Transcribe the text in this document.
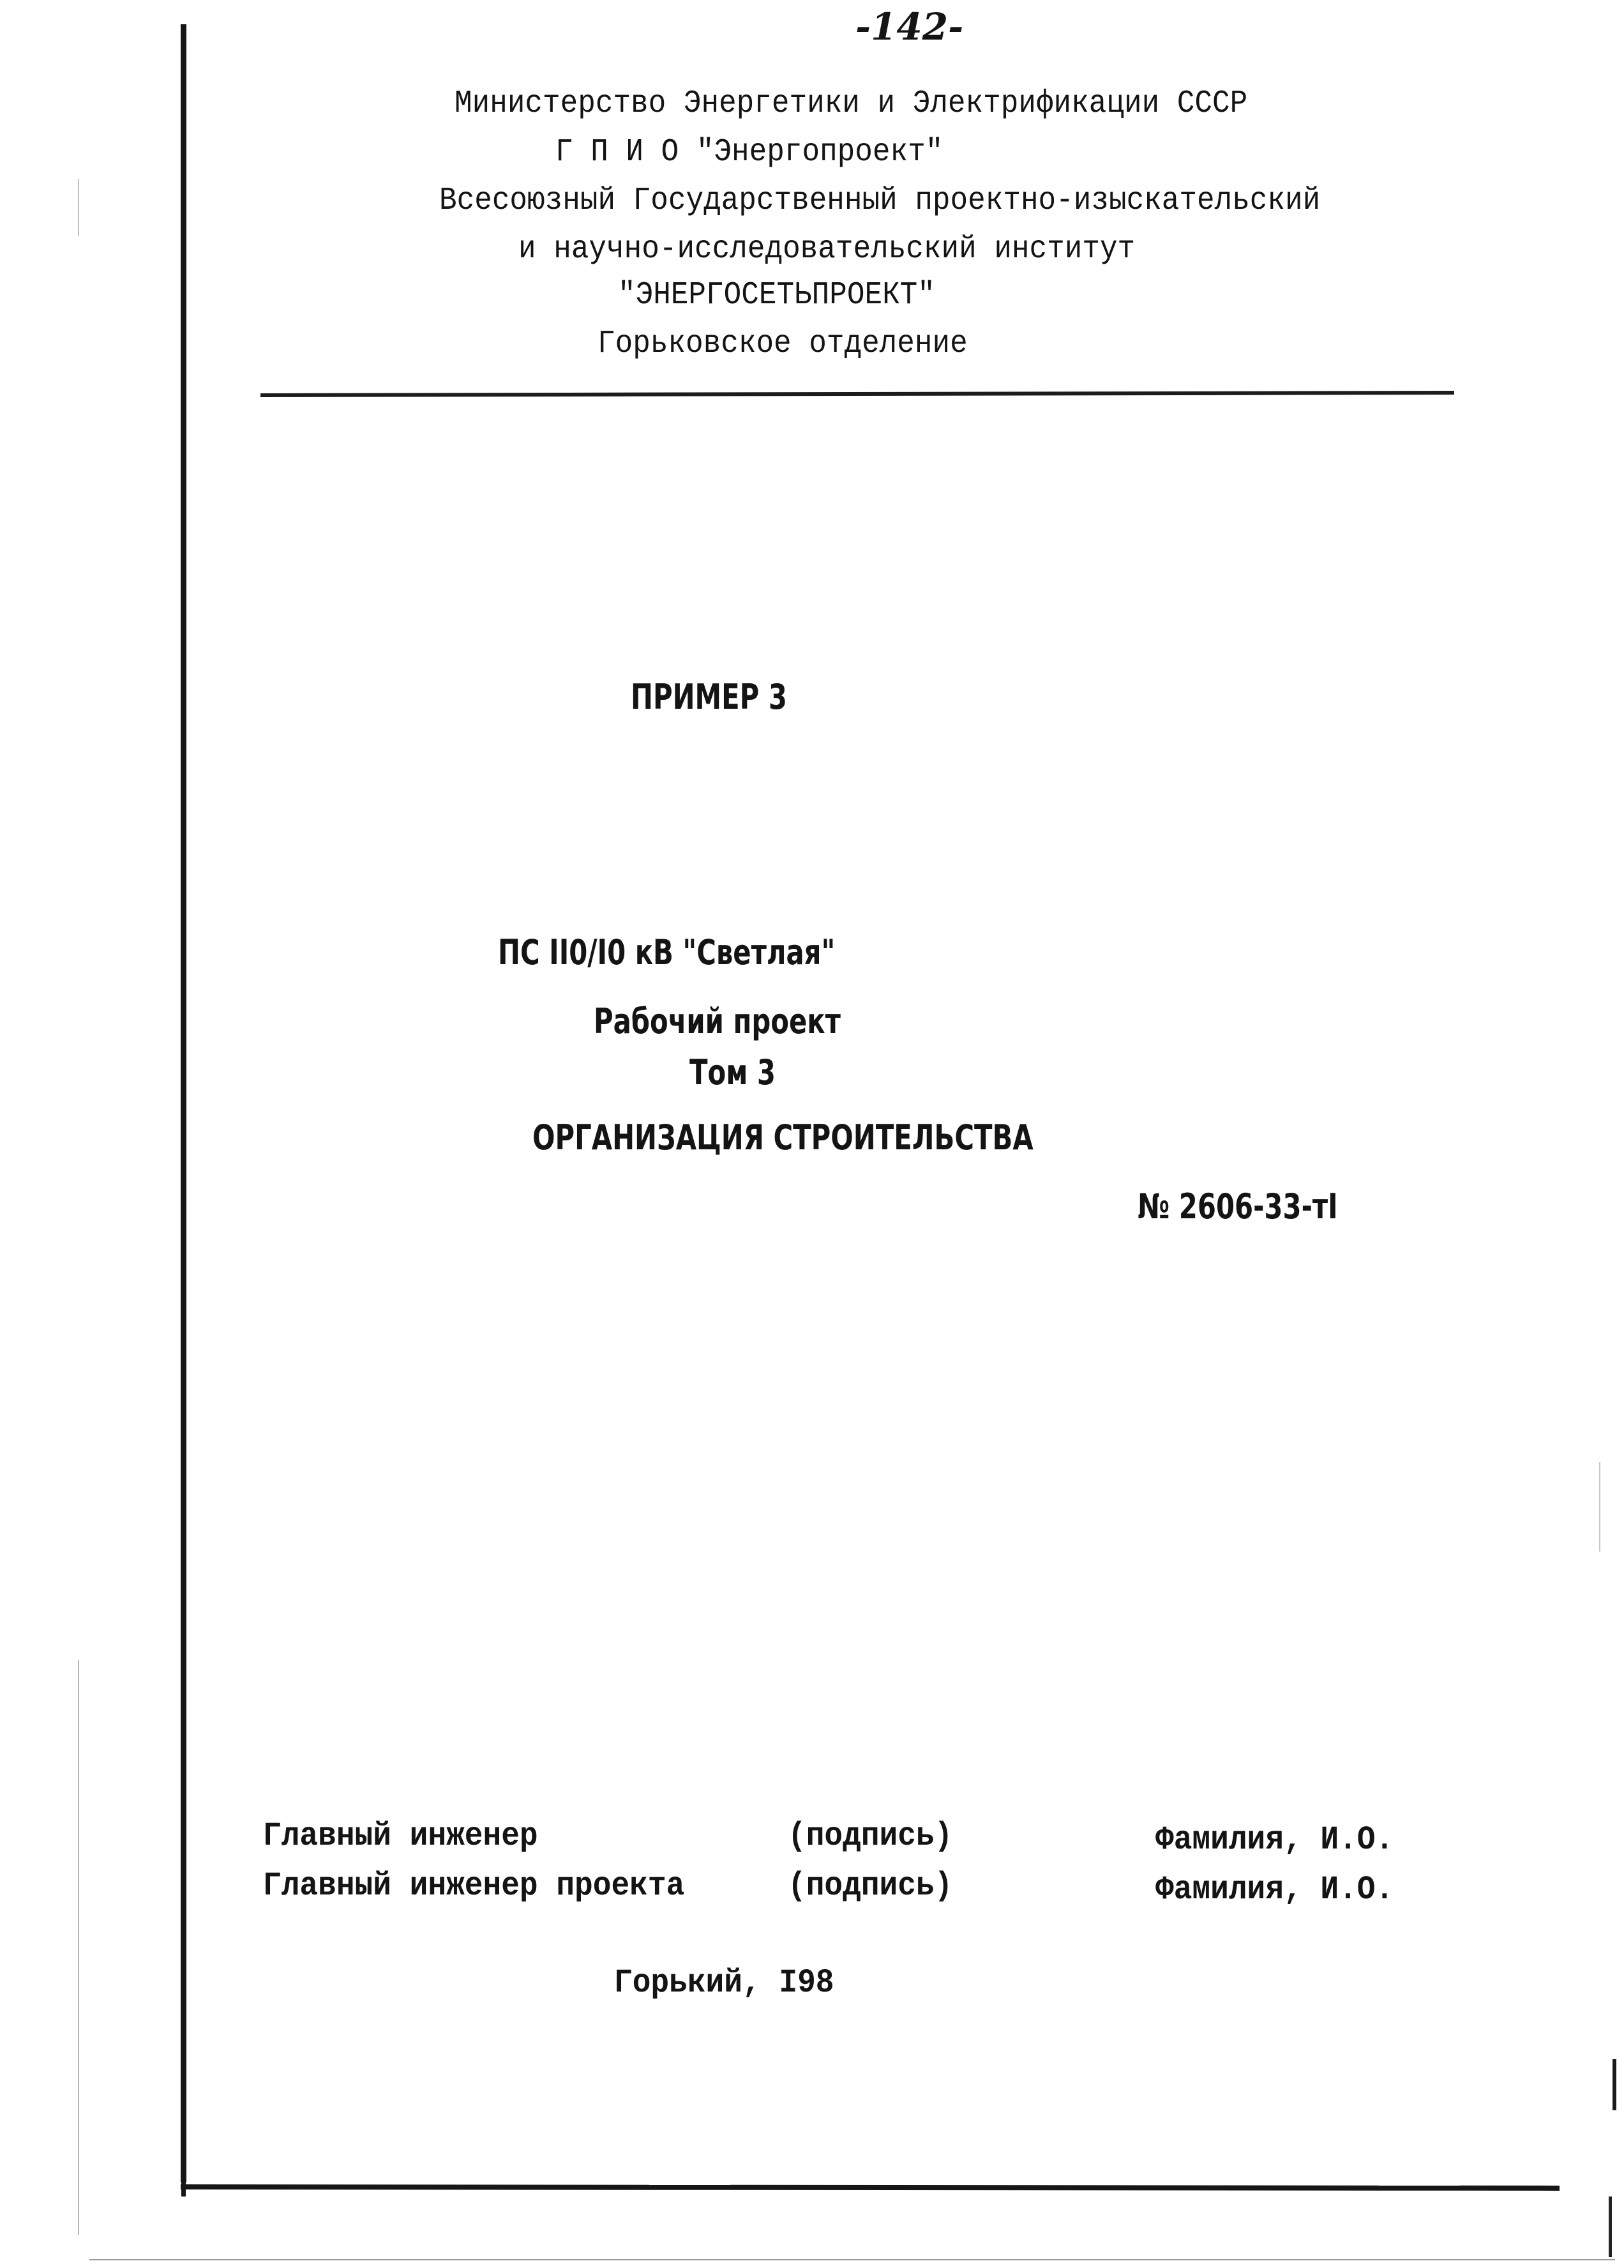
-142-
Министерство Энергетики и Электрификации СССР
Г П И О "Энергопроект"
Всесоюзный Государственный проектно-изыскательский
и научно-исследовательский институт
"ЭНЕРГОСЕТЬПРОЕКТ"
Горьковское отделение
ПРИМЕР 3
ПС II0/I0 кВ "Светлая"
Рабочий проект
Том 3
ОРГАНИЗАЦИЯ СТРОИТЕЛЬСТВА
№ 2606-33-тI
Главный инженер	(подпись)	Фамилия, И.О.
Главный инженер проекта	(подпись)	Фамилия, И.О.
Горький, I98
